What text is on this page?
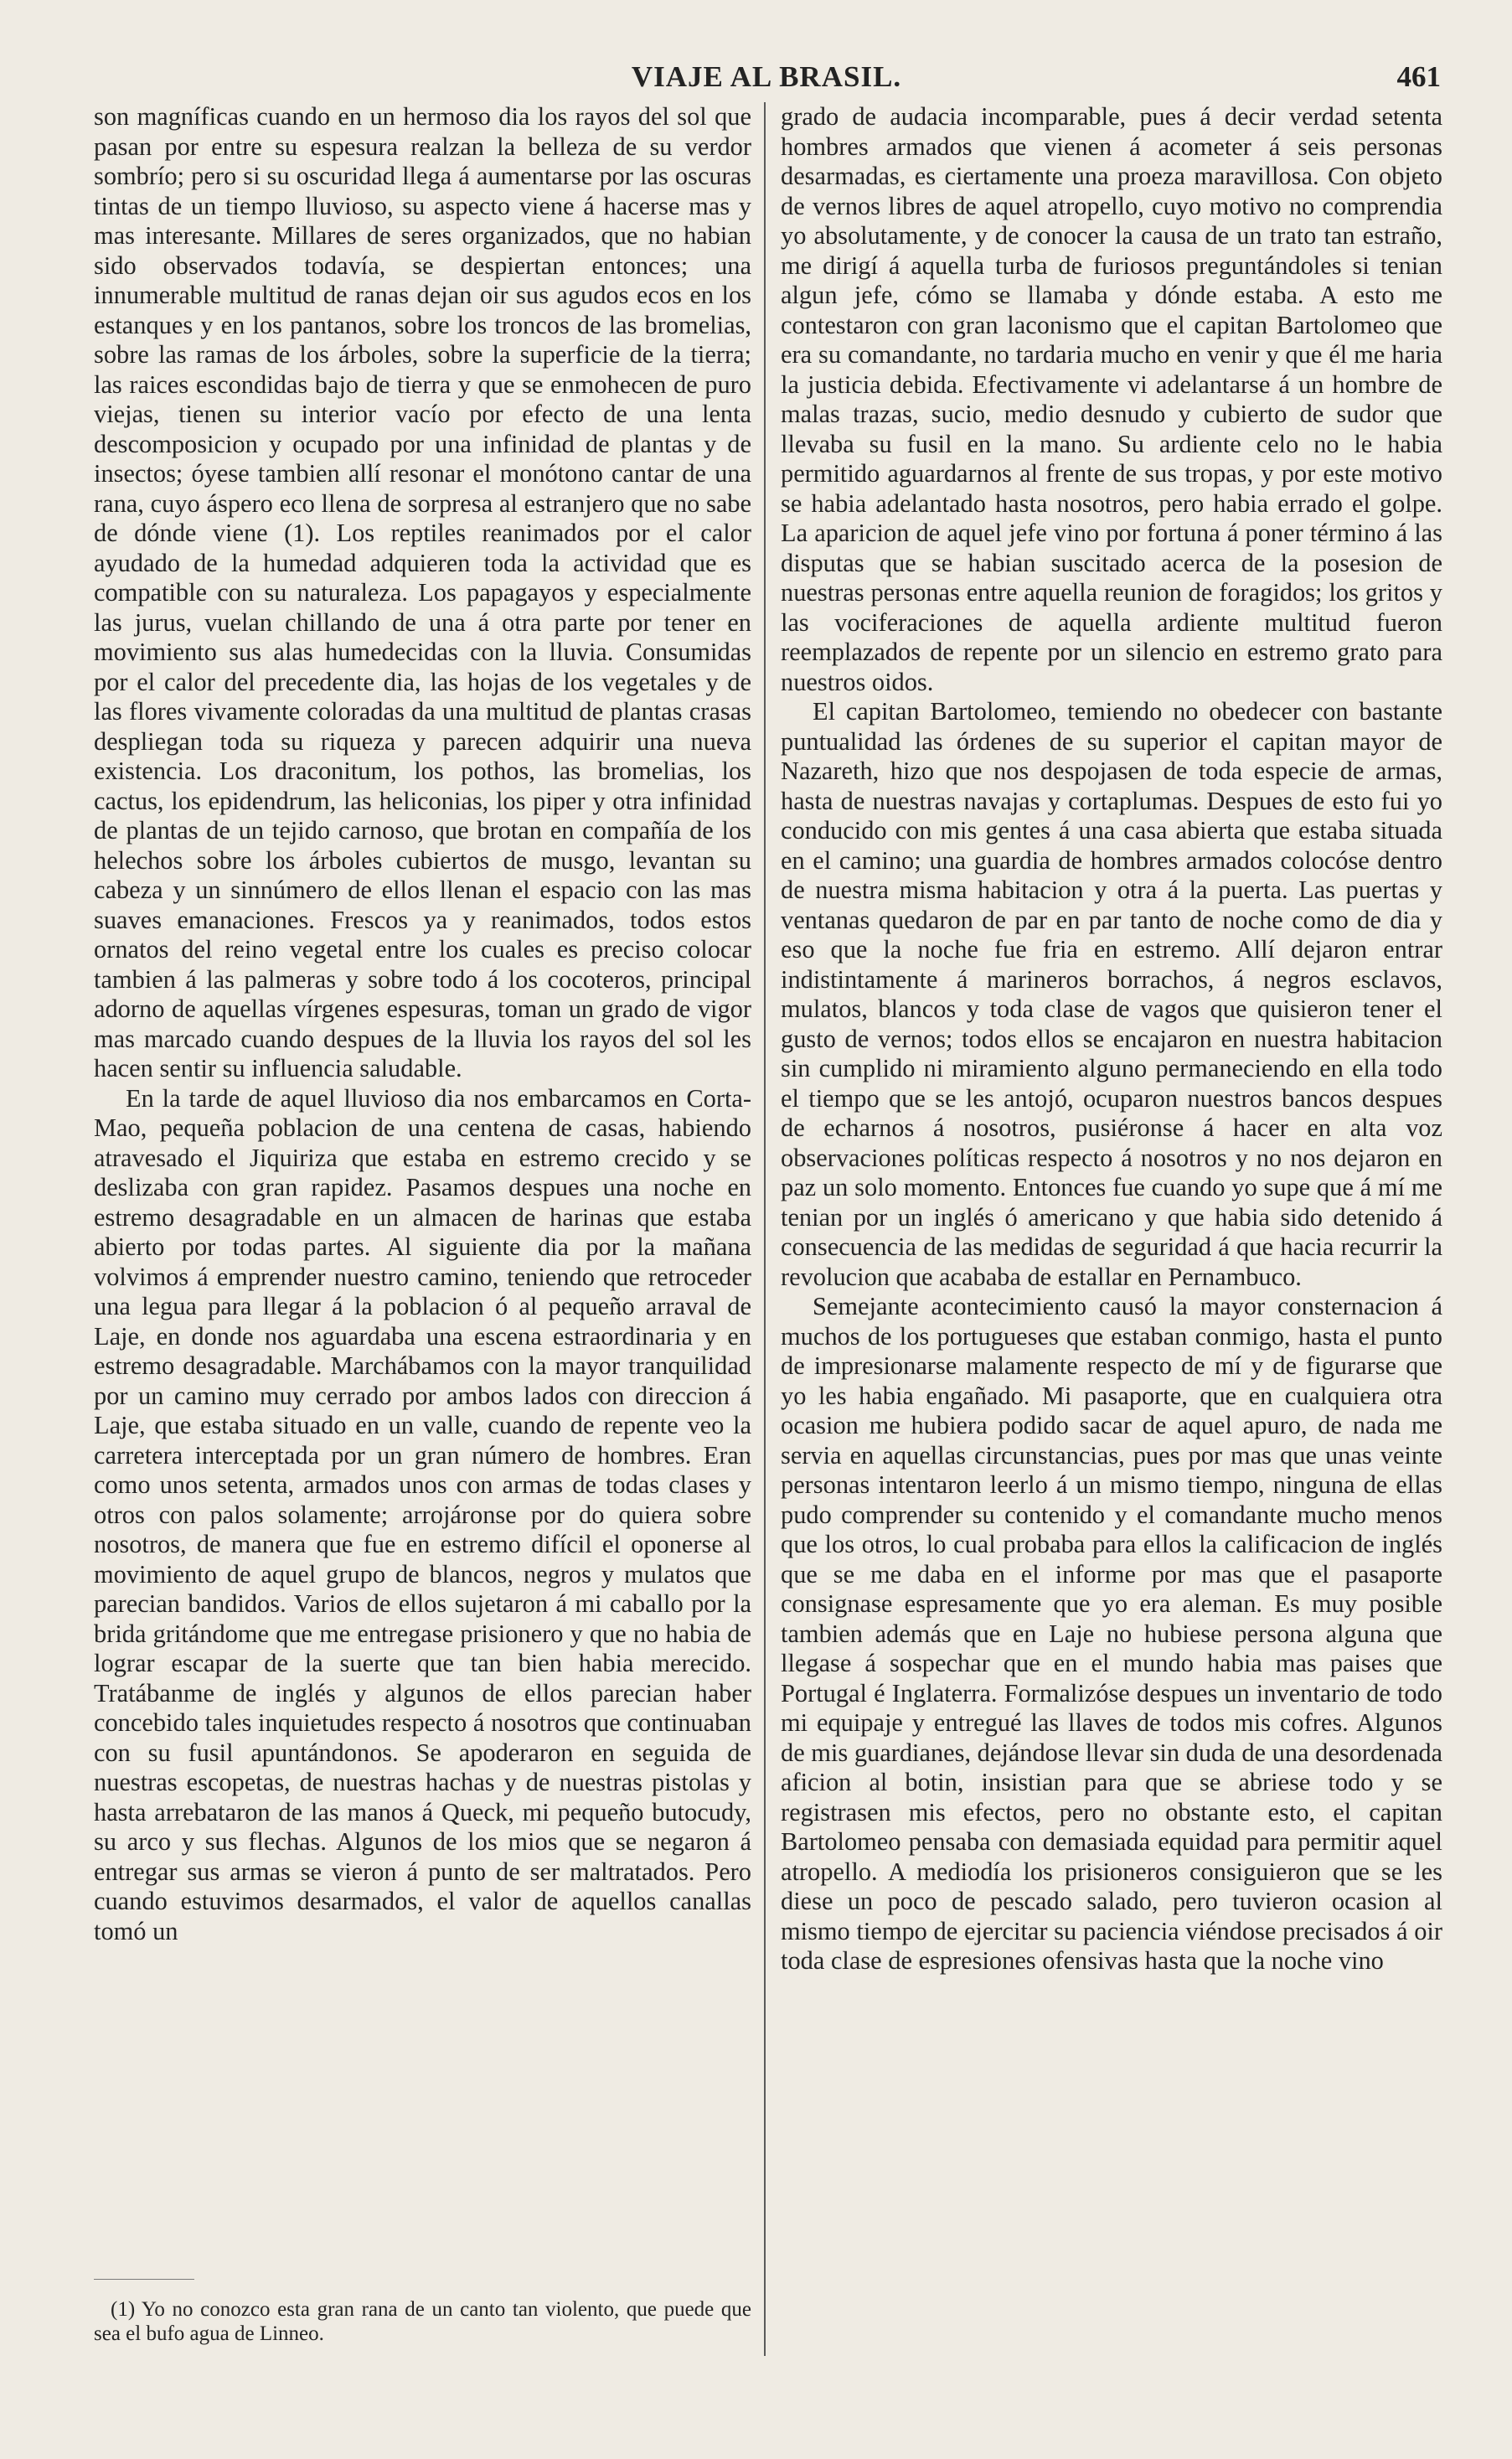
VIAJE AL BRASIL.	461

son magníficas cuando en un hermoso dia los rayos del sol que pasan por entre su espesura realzan la belleza de su verdor sombrío; pero si su oscuridad llega á aumentarse por las oscuras tintas de un tiempo lluvioso, su aspecto viene á hacerse mas y mas interesante. Millares de seres organizados, que no habian sido observados todavía, se despiertan entonces; una innumerable multitud de ranas dejan oir sus agudos ecos en los estanques y en los pantanos, sobre los troncos de las bromelias, sobre las ramas de los árboles, sobre la superficie de la tierra; las raices escondidas bajo de tierra y que se enmohecen de puro viejas, tienen su interior vacío por efecto de una lenta descomposicion y ocupado por una infinidad de plantas y de insectos; óyese tambien allí resonar el monótono cantar de una rana, cuyo áspero eco llena de sorpresa al estranjero que no sabe de dónde viene (1). Los reptiles reanimados por el calor ayudado de la humedad adquieren toda la actividad que es compatible con su naturaleza. Los papagayos y especialmente las jurus, vuelan chillando de una á otra parte por tener en movimiento sus alas humedecidas con la lluvia. Consumidas por el calor del precedente dia, las hojas de los vegetales y de las flores vivamente coloradas da una multitud de plantas crasas despliegan toda su riqueza y parecen adquirir una nueva existencia. Los draconitum, los pothos, las bromelias, los cactus, los epidendrum, las heliconias, los piper y otra infinidad de plantas de un tejido carnoso, que brotan en compañía de los helechos sobre los árboles cubiertos de musgo, levantan su cabeza y un sinnúmero de ellos llenan el espacio con las mas suaves emanaciones. Frescos ya y reanimados, todos estos ornatos del reino vegetal entre los cuales es preciso colocar tambien á las palmeras y sobre todo á los cocoteros, principal adorno de aquellas vírgenes espesuras, toman un grado de vigor mas marcado cuando despues de la lluvia los rayos del sol les hacen sentir su influencia saludable.

En la tarde de aquel lluvioso dia nos embarcamos en Corta-Mao, pequeña poblacion de una centena de casas, habiendo atravesado el Jiquiriza que estaba en estremo crecido y se deslizaba con gran rapidez. Pasamos despues una noche en estremo desagradable en un almacen de harinas que estaba abierto por todas partes. Al siguiente dia por la mañana volvimos á emprender nuestro camino, teniendo que retroceder una legua para llegar á la poblacion ó al pequeño arraval de Laje, en donde nos aguardaba una escena estraordinaria y en estremo desagradable. Marchábamos con la mayor tranquilidad por un camino muy cerrado por ambos lados con direccion á Laje, que estaba situado en un valle, cuando de repente veo la carretera interceptada por un gran número de hombres. Eran como unos setenta, armados unos con armas de todas clases y otros con palos solamente; arrojáronse por do quiera sobre nosotros, de manera que fue en estremo difícil el oponerse al movimiento de aquel grupo de blancos, negros y mulatos que parecian bandidos. Varios de ellos sujetaron á mi caballo por la brida gritándome que me entregase prisionero y que no habia de lograr escapar de la suerte que tan bien habia merecido. Tratábanme de inglés y algunos de ellos parecian haber concebido tales inquietudes respecto á nosotros que continuaban con su fusil apuntándonos. Se apoderaron en seguida de nuestras escopetas, de nuestras hachas y de nuestras pistolas y hasta arrebataron de las manos á Queck, mi pequeño butocudy, su arco y sus flechas. Algunos de los mios que se negaron á entregar sus armas se vieron á punto de ser maltratados. Pero cuando estuvimos desarmados, el valor de aquellos canallas tomó un

grado de audacia incomparable, pues á decir verdad setenta hombres armados que vienen á acometer á seis personas desarmadas, es ciertamente una proeza maravillosa. Con objeto de vernos libres de aquel atropello, cuyo motivo no comprendia yo absolutamente, y de conocer la causa de un trato tan estraño, me dirigí á aquella turba de furiosos preguntándoles si tenian algun jefe, cómo se llamaba y dónde estaba. A esto me contestaron con gran laconismo que el capitan Bartolomeo que era su comandante, no tardaria mucho en venir y que él me haria la justicia debida. Efectivamente vi adelantarse á un hombre de malas trazas, sucio, medio desnudo y cubierto de sudor que llevaba su fusil en la mano. Su ardiente celo no le habia permitido aguardarnos al frente de sus tropas, y por este motivo se habia adelantado hasta nosotros, pero habia errado el golpe. La aparicion de aquel jefe vino por fortuna á poner término á las disputas que se habian suscitado acerca de la posesion de nuestras personas entre aquella reunion de foragidos; los gritos y las vociferaciones de aquella ardiente multitud fueron reemplazados de repente por un silencio en estremo grato para nuestros oidos.

El capitan Bartolomeo, temiendo no obedecer con bastante puntualidad las órdenes de su superior el capitan mayor de Nazareth, hizo que nos despojasen de toda especie de armas, hasta de nuestras navajas y cortaplumas. Despues de esto fui yo conducido con mis gentes á una casa abierta que estaba situada en el camino; una guardia de hombres armados colocóse dentro de nuestra misma habitacion y otra á la puerta. Las puertas y ventanas quedaron de par en par tanto de noche como de dia y eso que la noche fue fria en estremo. Allí dejaron entrar indistintamente á marineros borrachos, á negros esclavos, mulatos, blancos y toda clase de vagos que quisieron tener el gusto de vernos; todos ellos se encajaron en nuestra habitacion sin cumplido ni miramiento alguno permaneciendo en ella todo el tiempo que se les antojó, ocuparon nuestros bancos despues de echarnos á nosotros, pusiéronse á hacer en alta voz observaciones políticas respecto á nosotros y no nos dejaron en paz un solo momento. Entonces fue cuando yo supe que á mí me tenian por un inglés ó americano y que habia sido detenido á consecuencia de las medidas de seguridad á que hacia recurrir la revolucion que acababa de estallar en Pernambuco.

Semejante acontecimiento causó la mayor consternacion á muchos de los portugueses que estaban conmigo, hasta el punto de impresionarse malamente respecto de mí y de figurarse que yo les habia engañado. Mi pasaporte, que en cualquiera otra ocasion me hubiera podido sacar de aquel apuro, de nada me servia en aquellas circunstancias, pues por mas que unas veinte personas intentaron leerlo á un mismo tiempo, ninguna de ellas pudo comprender su contenido y el comandante mucho menos que los otros, lo cual probaba para ellos la calificacion de inglés que se me daba en el informe por mas que el pasaporte consignase espresamente que yo era aleman. Es muy posible tambien además que en Laje no hubiese persona alguna que llegase á sospechar que en el mundo habia mas paises que Portugal é Inglaterra. Formalizóse despues un inventario de todo mi equipaje y entregué las llaves de todos mis cofres. Algunos de mis guardianes, dejándose llevar sin duda de una desordenada aficion al botin, insistian para que se abriese todo y se registrasen mis efectos, pero no obstante esto, el capitan Bartolomeo pensaba con demasiada equidad para permitir aquel atropello. A mediodía los prisioneros consiguieron que se les diese un poco de pescado salado, pero tuvieron ocasion al mismo tiempo de ejercitar su paciencia viéndose precisados á oir toda clase de espresiones ofensivas hasta que la noche vino

(1) Yo no conozco esta gran rana de un canto tan violento, que puede que sea el bufo agua de Linneo.
